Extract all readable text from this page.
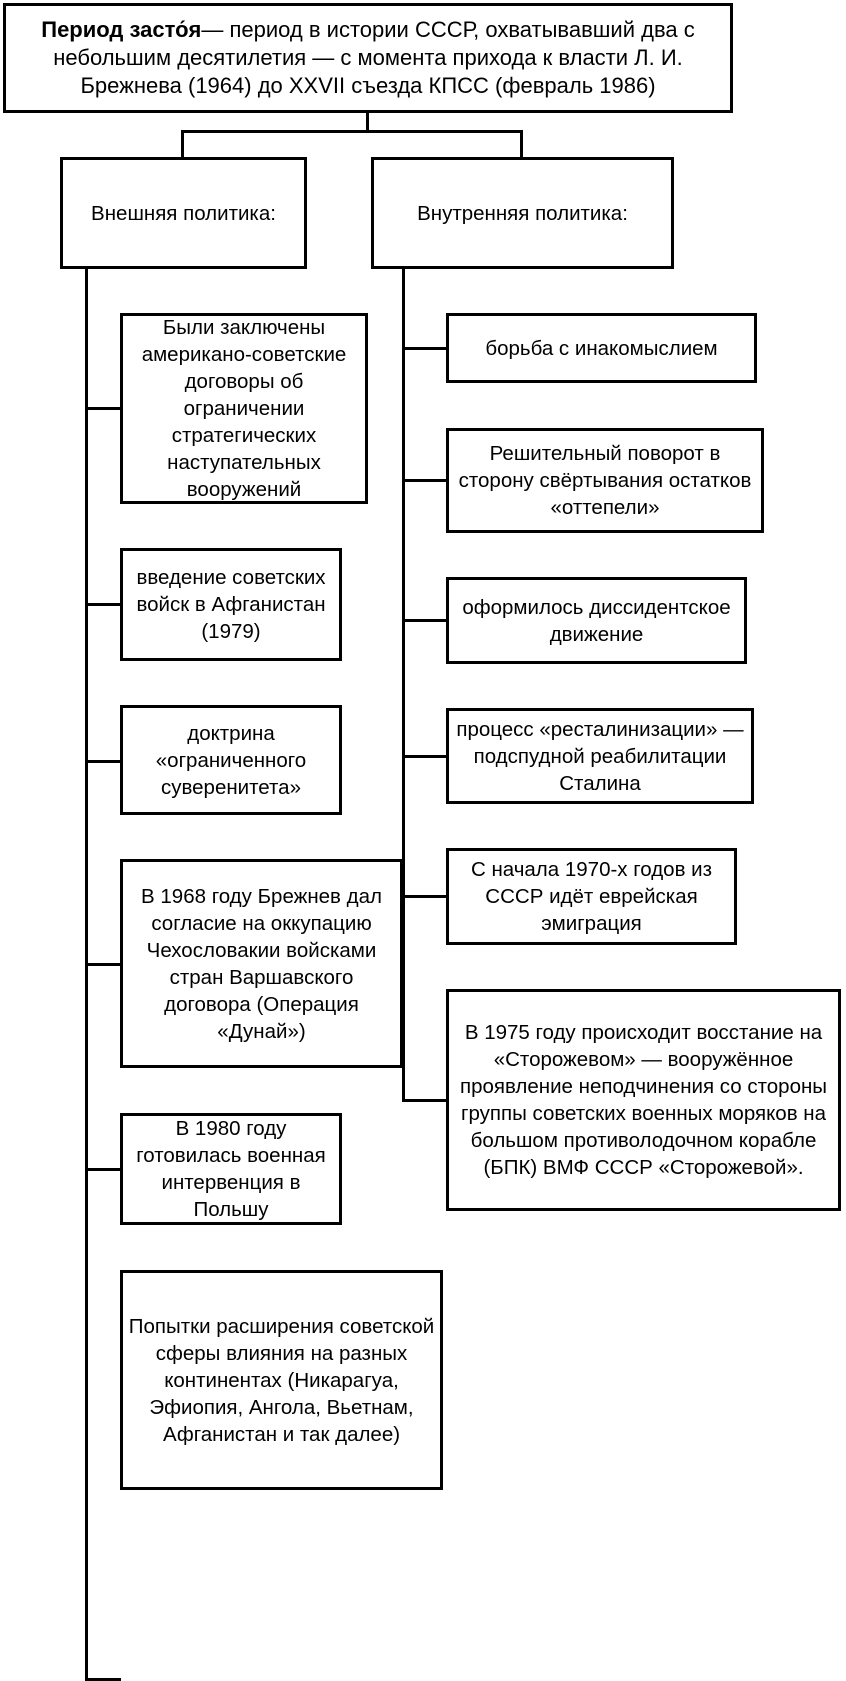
Период засто́я— период в истории СССР, охватывавший два с небольшим десятилетия — с момента прихода к власти Л. И. Брежнева (1964) до XXVII съезда КПСС (февраль 1986)
Внешняя политика:	Внутренняя политика:
Были заключены американо-советские договоры об ограничении стратегических наступательных вооружений
введение советских войск в Афганистан (1979)
доктрина «ограниченного суверенитета»
В 1968 году Брежнев дал согласие на оккупацию Чехословакии войсками стран Варшавского договора (Операция «Дунай»)
В 1980 году готовилась военная интервенция в Польшу
Попытки расширения советской сферы влияния на разных континентах (Никарагуа, Эфиопия, Ангола, Вьетнам, Афганистан и так далее)
борьба с инакомыслием
Решительный поворот в сторону свёртывания остатков «оттепели»
оформилось диссидентское движение
процесс «ресталинизации» — подспудной реабилитации Сталина
С начала 1970-х годов из СССР идёт еврейская эмиграция
В 1975 году происходит восстание на «Сторожевом» — вооружённое проявление неподчинения со стороны группы советских военных моряков на большом противолодочном корабле (БПК) ВМФ СССР «Сторожевой».
